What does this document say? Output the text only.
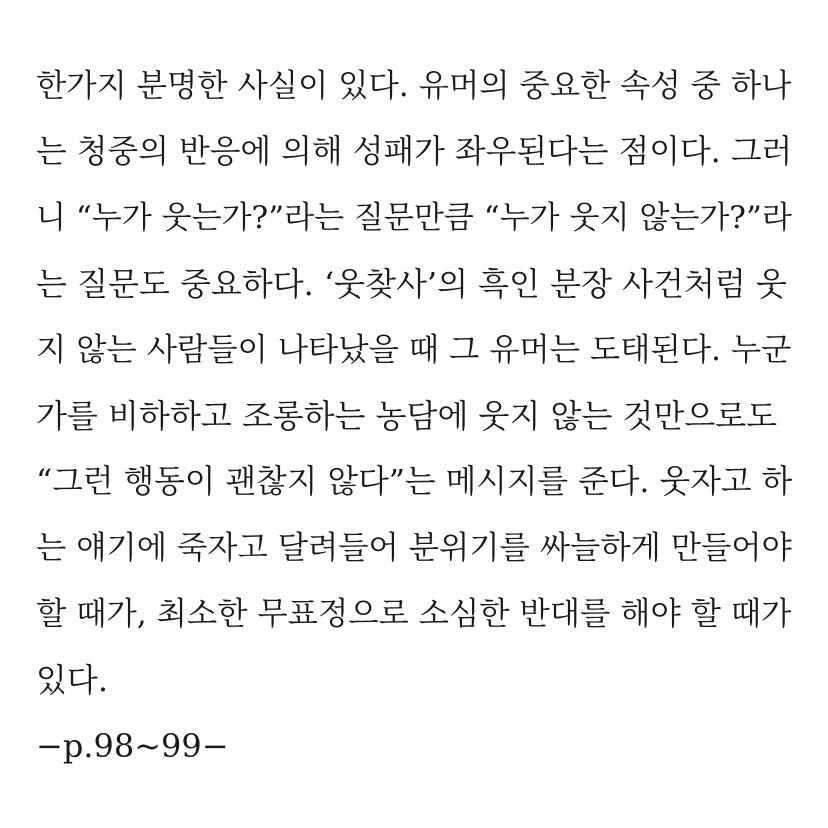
한가지 분명한 사실이 있다. 유머의 중요한 속성 중 하나
는 청중의 반응에 의해 성패가 좌우된다는 점이다. 그러
니 “누가 웃는가?”라는 질문만큼 “누가 웃지 않는가?”라
는 질문도 중요하다. ‘웃찾사’의 흑인 분장 사건처럼 웃
지 않는 사람들이 나타났을 때 그 유머는 도태된다. 누군
가를 비하하고 조롱하는 농담에 웃지 않는 것만으로도
“그런 행동이 괜찮지 않다”는 메시지를 준다. 웃자고 하
는 얘기에 죽자고 달려들어 분위기를 싸늘하게 만들어야
할 때가, 최소한 무표정으로 소심한 반대를 해야 할 때가
있다.
−p.98~99−
